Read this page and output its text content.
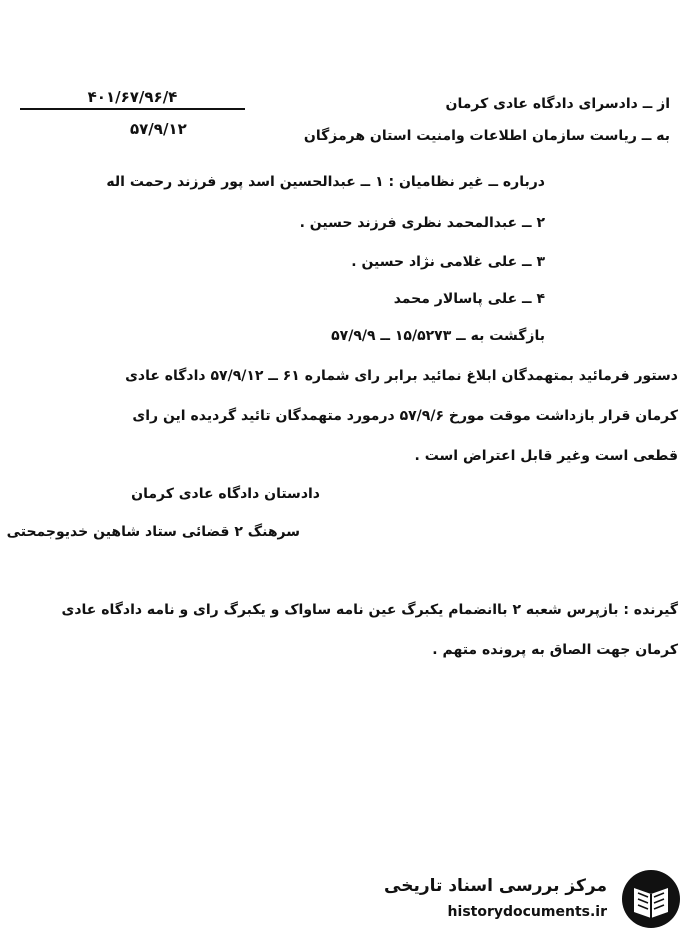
۴۰۱/۶۷/۹۶/۴
۵۷/۹/۱۲
از ــ دادسرای دادگاه عادی کرمان
به ــ ریاست سازمان اطلاعات وامنیت استان هرمزگان
درباره ــ غیر نظامیان : ۱ ــ عبدالحسین اسد پور فرزند رحمت اله
۲ ــ عبدالمحمد نظری فرزند حسین .
۳ ــ علی غلامی نژاد حسین .
۴ ــ علی پاسالار محمد
بازگشت به ــ ۱۵/۵۲۷۳ ــ ۵۷/۹/۹
دستور فرمائید بمتهمدگان ابلاغ نمائید برابر رای شماره ۶۱ ــ ۵۷/۹/۱۲ دادگاه عادی
کرمان قرار بازداشت موقت مورخ ۵۷/۹/۶ درمورد متهمدگان تائید گردیده این رای
قطعی است وغیر قابل اعتراض است .
دادستان دادگاه عادی کرمان
سرهنگ ۲ قضائی ستاد شاهین خدیوجمحتی
گیرنده : بازپرس شعبه ۲ باانضمام یکبرگ عین نامه ساواک و یکبرگ رای و نامه دادگاه عادی
کرمان جهت الصاق به پرونده متهم .
مرکز بررسی اسناد تاریخی
historydocuments.ir
